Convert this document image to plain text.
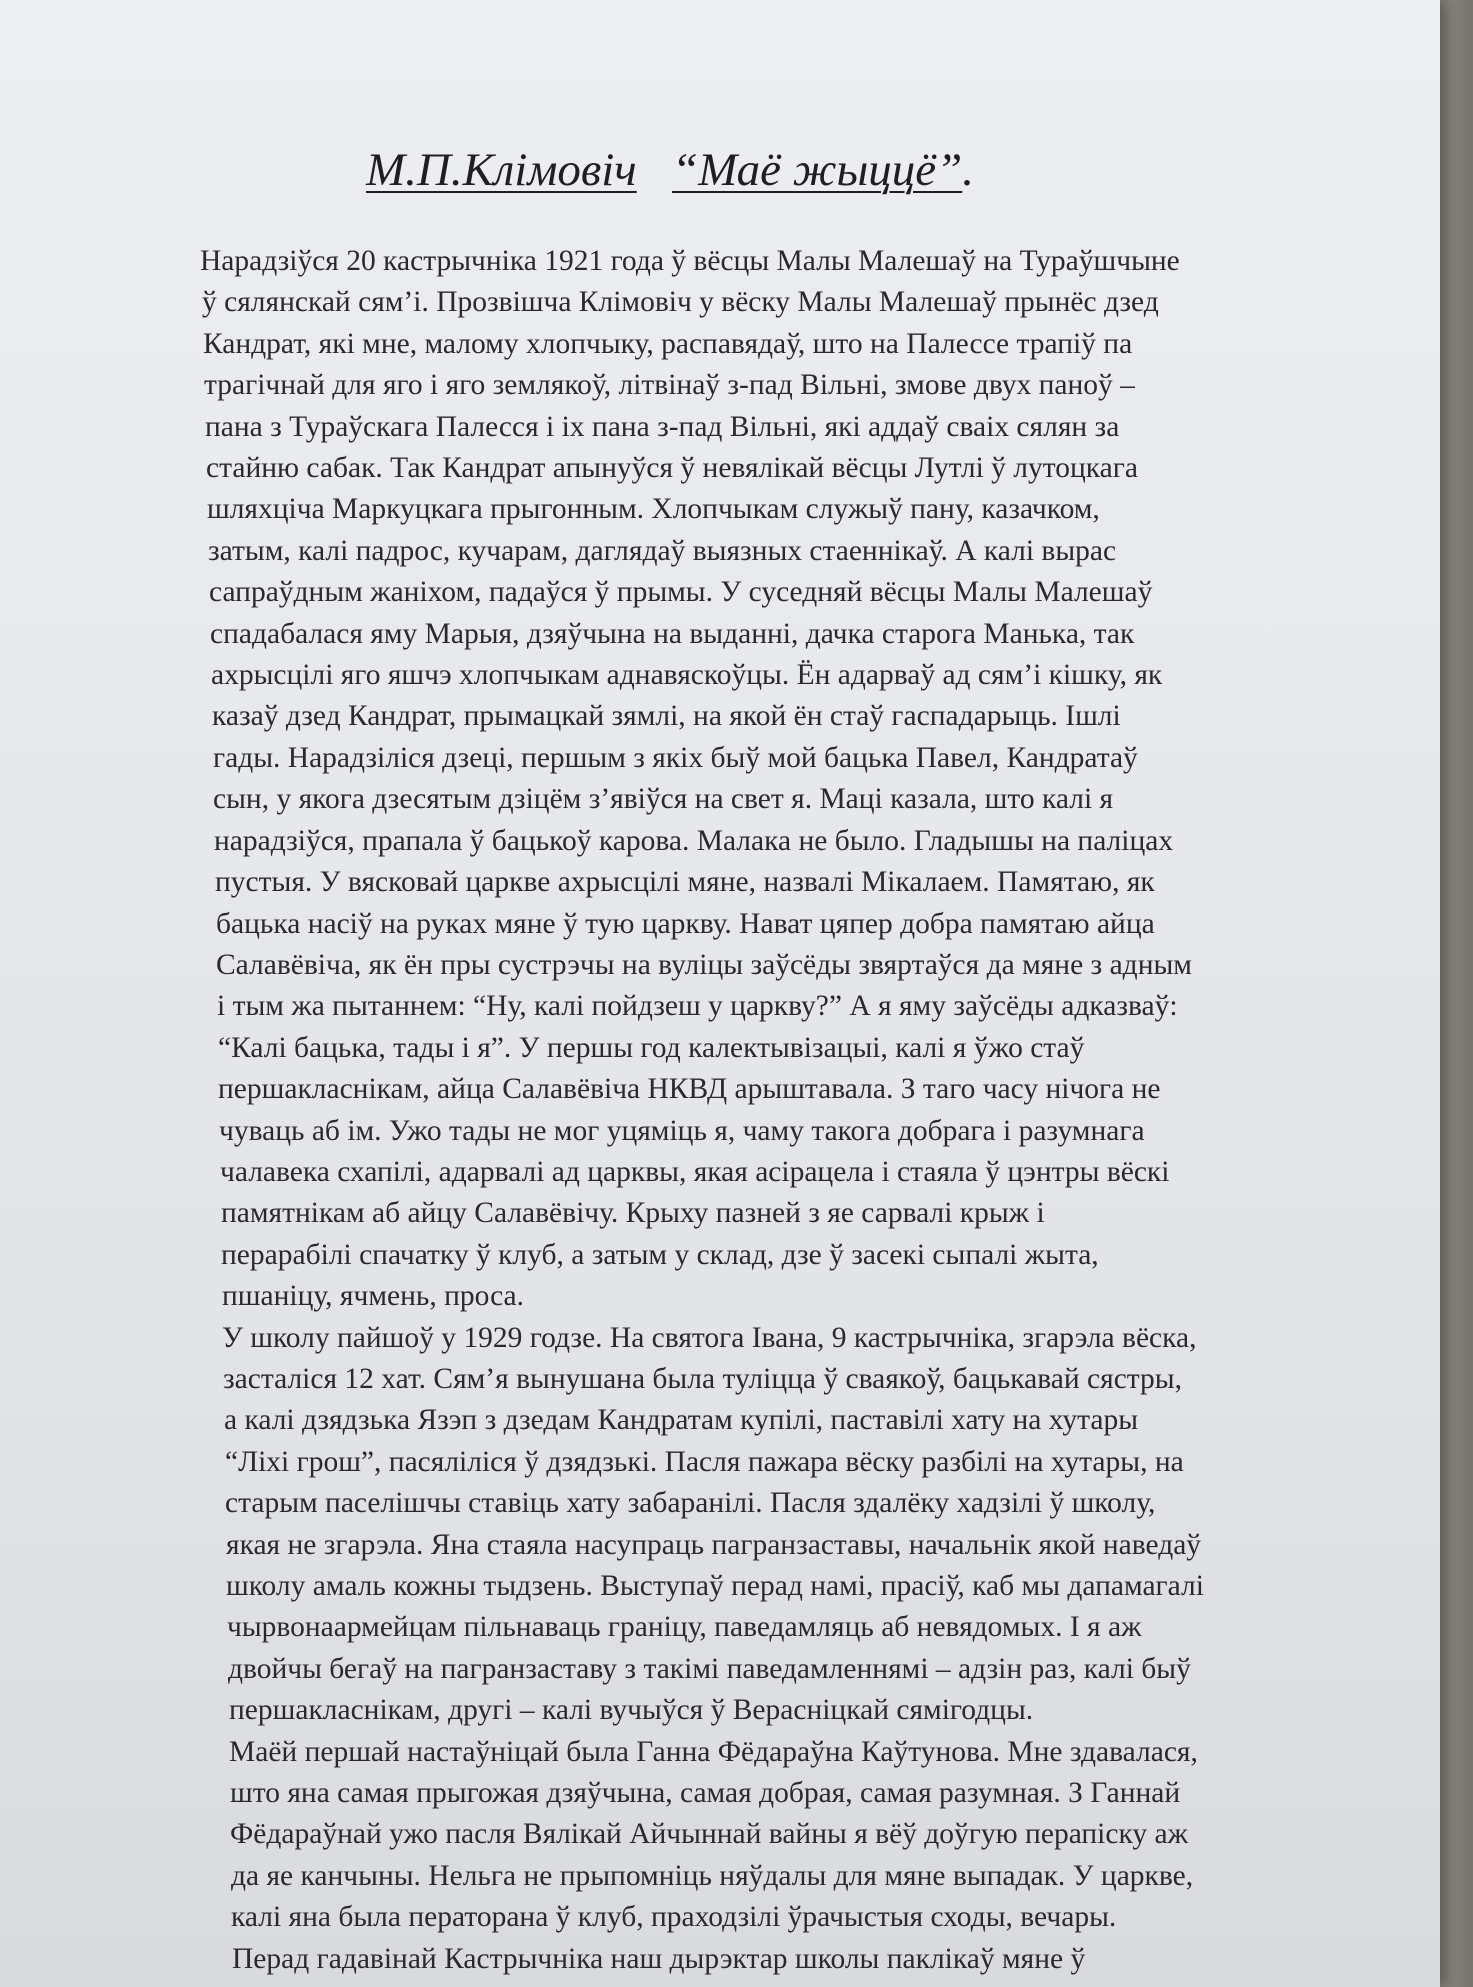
М.П.Клімовіч “Маё жыццё”.
Нарадзіўся 20 кастрычніка 1921 года ў вёсцы Малы Малешаў на Тураўшчыне
ў сялянскай сям’і. Прозвішча Клімовіч у вёску Малы Малешаў прынёс дзед
Кандрат, які мне, малому хлопчыку, распавядаў, што на Палессе трапіў па
трагічнай для яго і яго землякоў, літвінаў з-пад Вільні, змове двух паноў –
пана з Тураўскага Палесся і іх пана з-пад Вільні, які аддаў сваіх сялян за
стайню сабак. Так Кандрат апынуўся ў невялікай вёсцы Лутлі ў лутоцкага
шляхціча Маркуцкага прыгонным. Хлопчыкам служыў пану, казачком,
затым, калі падрос, кучарам, даглядаў выязных стаеннікаў. А калі вырас
сапраўдным жаніхом, падаўся ў прымы. У суседняй вёсцы Малы Малешаў
спадабалася яму Марыя, дзяўчына на выданні, дачка старога Манька, так
ахрысцілі яго яшчэ хлопчыкам аднавяскоўцы. Ён адарваў ад сям’і кішку, як
казаў дзед Кандрат, прымацкай зямлі, на якой ён стаў гаспадарыць. Ішлі
гады. Нарадзіліся дзеці, першым з якіх быў мой бацька Павел, Кандратаў
сын, у якога дзесятым дзіцём з’явіўся на свет я. Маці казала, што калі я
нарадзіўся, прапала ў бацькоў карова. Малака не было. Гладышы на паліцах
пустыя. У вясковай царкве ахрысцілі мяне, назвалі Мікалаем. Памятаю, як
бацька насіў на руках мяне ў тую царкву. Нават цяпер добра памятаю айца
Салавёвіча, як ён пры сустрэчы на вуліцы заўсёды звяртаўся да мяне з адным
і тым жа пытаннем: “Ну, калі пойдзеш у царкву?” А я яму заўсёды адказваў:
“Калі бацька, тады і я”. У першы год калектывізацыі, калі я ўжо стаў
першакласнікам, айца Салавёвіча НКВД арыштавала. З таго часу нічога не
чуваць аб ім. Ужо тады не мог уцяміць я, чаму такога добрага і разумнага
чалавека схапілі, адарвалі ад царквы, якая асірацела і стаяла ў цэнтры вёскі
памятнікам аб айцу Салавёвічу. Крыху пазней з яе сарвалі крыж і
перарабілі спачатку ў клуб, а затым у склад, дзе ў засекі сыпалі жыта,
пшаніцу, ячмень, проса.
У школу пайшоў у 1929 годзе. На святога Івана, 9 кастрычніка, згарэла вёска,
засталіся 12 хат. Сям’я вынушана была туліцца ў сваякоў, бацькавай сястры,
а калі дзядзька Язэп з дзедам Кандратам купілі, паставілі хату на хутары
“Ліхі грош”, пасяліліся ў дзядзькі. Пасля пажара вёску разбілі на хутары, на
старым паселішчы ставіць хату забаранілі. Пасля здалёку хадзілі ў школу,
якая не згарэла. Яна стаяла насупраць пагранзаставы, начальнік якой наведаў
школу амаль кожны тыдзень. Выступаў перад намі, прасіў, каб мы дапамагалі
чырвонаармейцам пільнаваць граніцу, паведамляць аб невядомых. І я аж
двойчы бегаў на пагранзаставу з такімі паведамленнямі – адзін раз, калі быў
першакласнікам, другі – калі вучыўся ў Верасніцкай сямігодцы.
Маёй першай настаўніцай была Ганна Фёдараўна Каўтунова. Мне здавалася,
што яна самая прыгожая дзяўчына, самая добрая, самая разумная. З Ганнай
Фёдараўнай ужо пасля Вялікай Айчыннай вайны я вёў доўгую перапіску аж
да яе канчыны. Нельга не прыпомніць няўдалы для мяне выпадак. У царкве,
калі яна была ператорана ў клуб, праходзілі ўрачыстыя сходы, вечары.
Перад гадавінай Кастрычніка наш дырэктар школы паклікаў мяне ў
